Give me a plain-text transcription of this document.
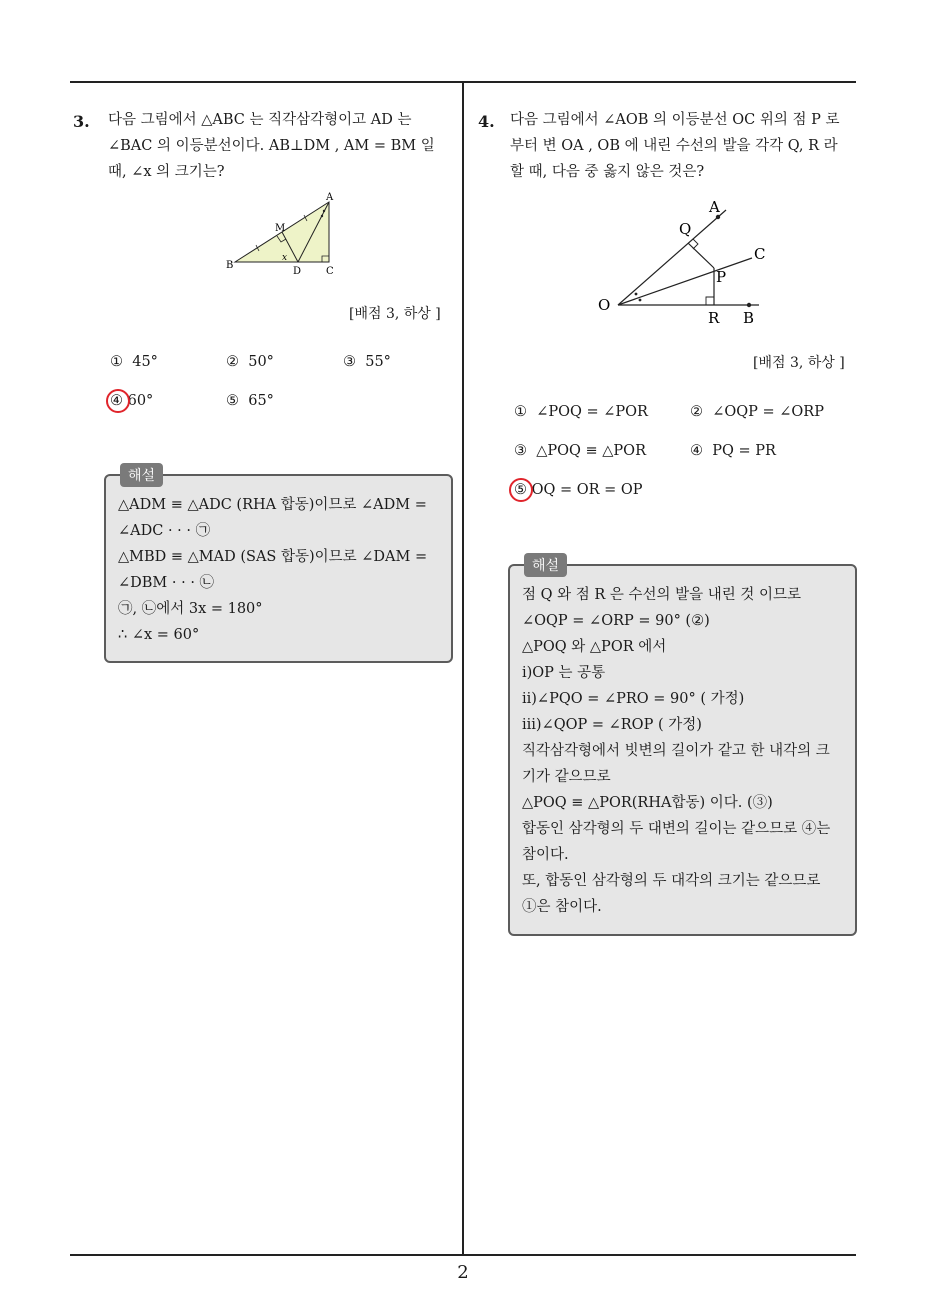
2
3. 다음 그림에서 △ABC 는 직각삼각형이고 AD 는
∠BAC 의 이등분선이다. AB⊥DM , AM = BM 일
때, ∠x 의 크기는?
A
B
C
D
M
x
[배점 3, 하상 ]
① 45°	② 50°	③ 55°
④ 60°	⑤ 65°
△ADM ≡ △ADC (RHA 합동)이므로 ∠ADM =
∠ADC · · · ㉠
△MBD ≡ △MAD (SAS 합동)이므로 ∠DAM =
∠DBM · · · ㉡
㉠, ㉡에서 3x = 180°
∴ ∠x = 60°
해설
4. 다음 그림에서 ∠AOB 의 이등분선 OC 위의 점 P 로
부터 변 OA , OB 에 내린 수선의 발을 각각 Q, R 라
할 때, 다음 중 옳지 않은 것은?
A
B
C
O
P
Q
R
[배점 3, 하상 ]
① ∠POQ = ∠POR	② ∠OQP = ∠ORP
③ △POQ ≡ △POR	④ PQ = PR
⑤ OQ = OR = OP
점 Q 와 점 R 은 수선의 발을 내린 것 이므로
∠OQP = ∠ORP = 90° (②)
△POQ 와 △POR 에서
ⅰ)OP 는 공통
ⅱ)∠PQO = ∠PRO = 90° ( 가정)
ⅲ)∠QOP = ∠ROP ( 가정)
직각삼각형에서 빗변의 길이가 같고 한 내각의 크
기가 같으므로
△POQ ≡ △POR(RHA합동) 이다. (③)
합동인 삼각형의 두 대변의 길이는 같으므로 ④는
참이다.
또, 합동인 삼각형의 두 대각의 크기는 같으므로
①은 참이다.
해설
